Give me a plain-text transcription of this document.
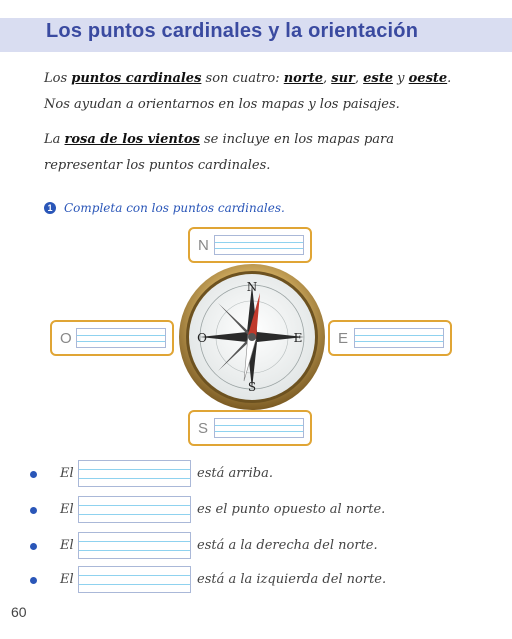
Los puntos cardinales y la orientación
Los puntos cardinales son cuatro: norte, sur, este y oeste.
Nos ayudan a orientarnos en los mapas y los paisajes.
La rosa de los vientos se incluye en los mapas para
representar los puntos cardinales.
1 Completa con los puntos cardinales.
N
O	E
S
N
S
E
O
El	está arriba.
El	es el punto opuesto al norte.
El	está a la derecha del norte.
El	está a la izquierda del norte.
60
